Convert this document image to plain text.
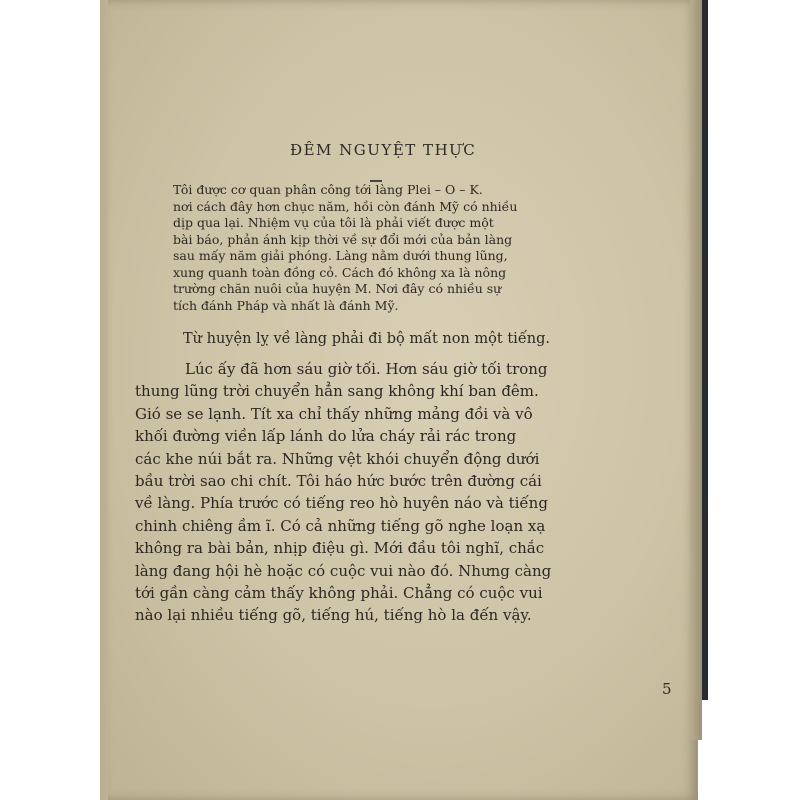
ĐÊM NGUYỆT THỰC

Tôi được cơ quan phân công tới làng Plei – O – K.

nơi cách đây hơn chục năm, hồi còn đánh Mỹ có nhiều

dịp qua lại. Nhiệm vụ của tôi là phải viết được một

bài báo, phản ánh kịp thời về sự đổi mới của bản làng

sau mấy năm giải phóng. Làng nằm dưới thung lũng,

xung quanh toàn đồng cỏ. Cách đó không xa là nông

trường chăn nuôi của huyện M. Nơi đây có nhiều sự

tích đánh Pháp và nhất là đánh Mỹ.

Từ huyện lỵ về làng phải đi bộ mất non một tiếng.

Lúc ấy đã hơn sáu giờ tối. Hơn sáu giờ tối trong

thung lũng trời chuyển hẳn sang không khí ban đêm.

Gió se se lạnh. Tít xa chỉ thấy những mảng đồi và vô

khối đường viền lấp lánh do lửa cháy rải rác trong

các khe núi bắt ra. Những vệt khói chuyển động dưới

bầu trời sao chi chít. Tôi háo hức bước trên đường cái

về làng. Phía trước có tiếng reo hò huyên náo và tiếng

chinh chiêng ầm ĩ. Có cả những tiếng gõ nghe loạn xạ

không ra bài bản, nhịp điệu gì. Mới đầu tôi nghĩ, chắc

làng đang hội hè hoặc có cuộc vui nào đó. Nhưng càng

tới gần càng cảm thấy không phải. Chẳng có cuộc vui

nào lại nhiều tiếng gõ, tiếng hú, tiếng hò la đến vậy.

5
